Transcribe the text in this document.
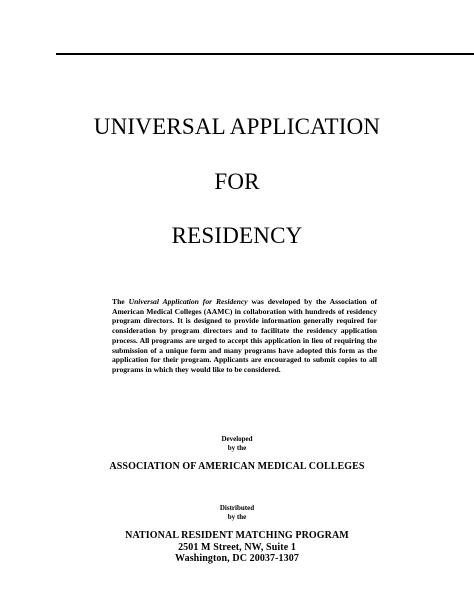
UNIVERSAL APPLICATION
FOR
RESIDENCY
The Universal Application for Residency was developed by the Association of American Medical Colleges (AAMC) in collaboration with hundreds of residency program directors. It is designed to provide information generally required for consideration by program directors and to facilitate the residency application process. All programs are urged to accept this application in lieu of requiring the submission of a unique form and many programs have adopted this form as the application for their program. Applicants are encouraged to submit copies to all programs in which they would like to be considered.
Developed
by the
ASSOCIATION OF AMERICAN MEDICAL COLLEGES
Distributed
by the
NATIONAL RESIDENT MATCHING PROGRAM
2501 M Street, NW, Suite 1
Washington, DC 20037-1307
